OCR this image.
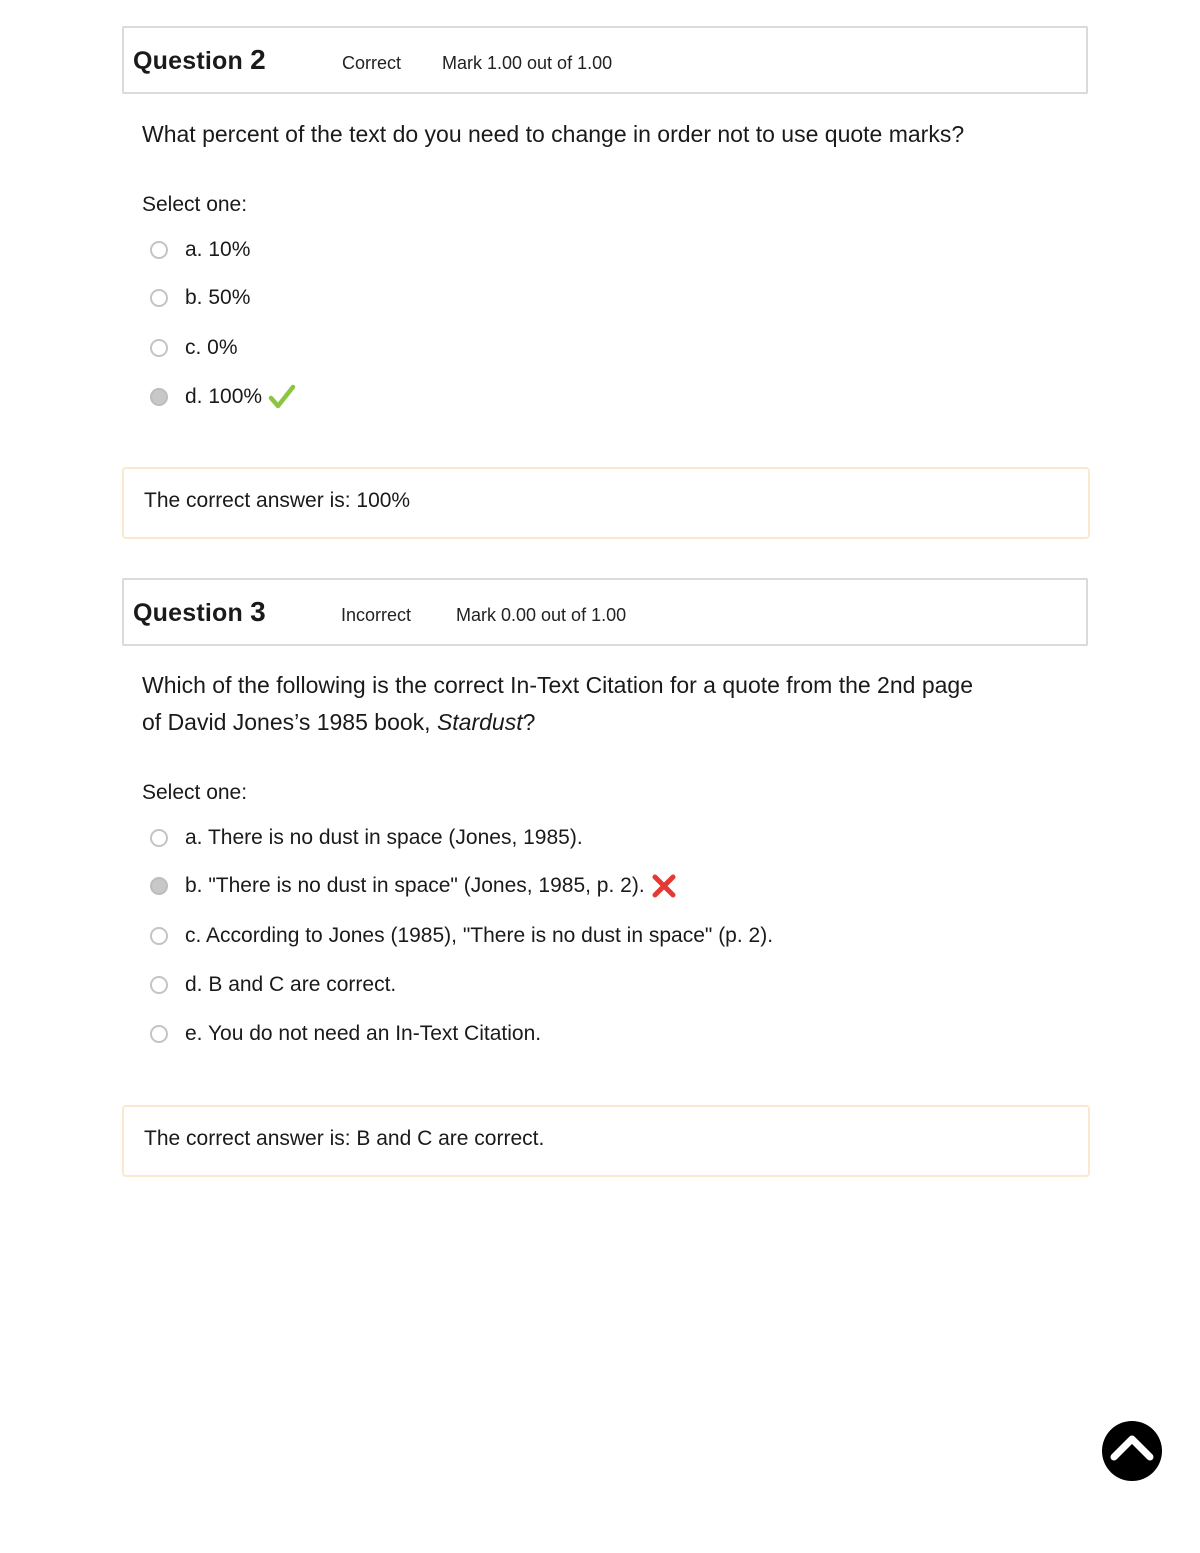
Question 2	Correct Mark 1.00 out of 1.00
What percent of the text do you need to change in order not to use quote marks?
Select one:
a. 10%
b. 50%
c. 0%
d. 100%
The correct answer is: 100%
Question 3	Incorrect Mark 0.00 out of 1.00
Which of the following is the correct In-Text Citation for a quote from the 2nd page
of David Jones’s 1985 book, Stardust?
Select one:
a. There is no dust in space (Jones, 1985).
b. "There is no dust in space" (Jones, 1985, p. 2).
c. According to Jones (1985), "There is no dust in space" (p. 2).
d. B and C are correct.
e. You do not need an In-Text Citation.
The correct answer is: B and C are correct.
